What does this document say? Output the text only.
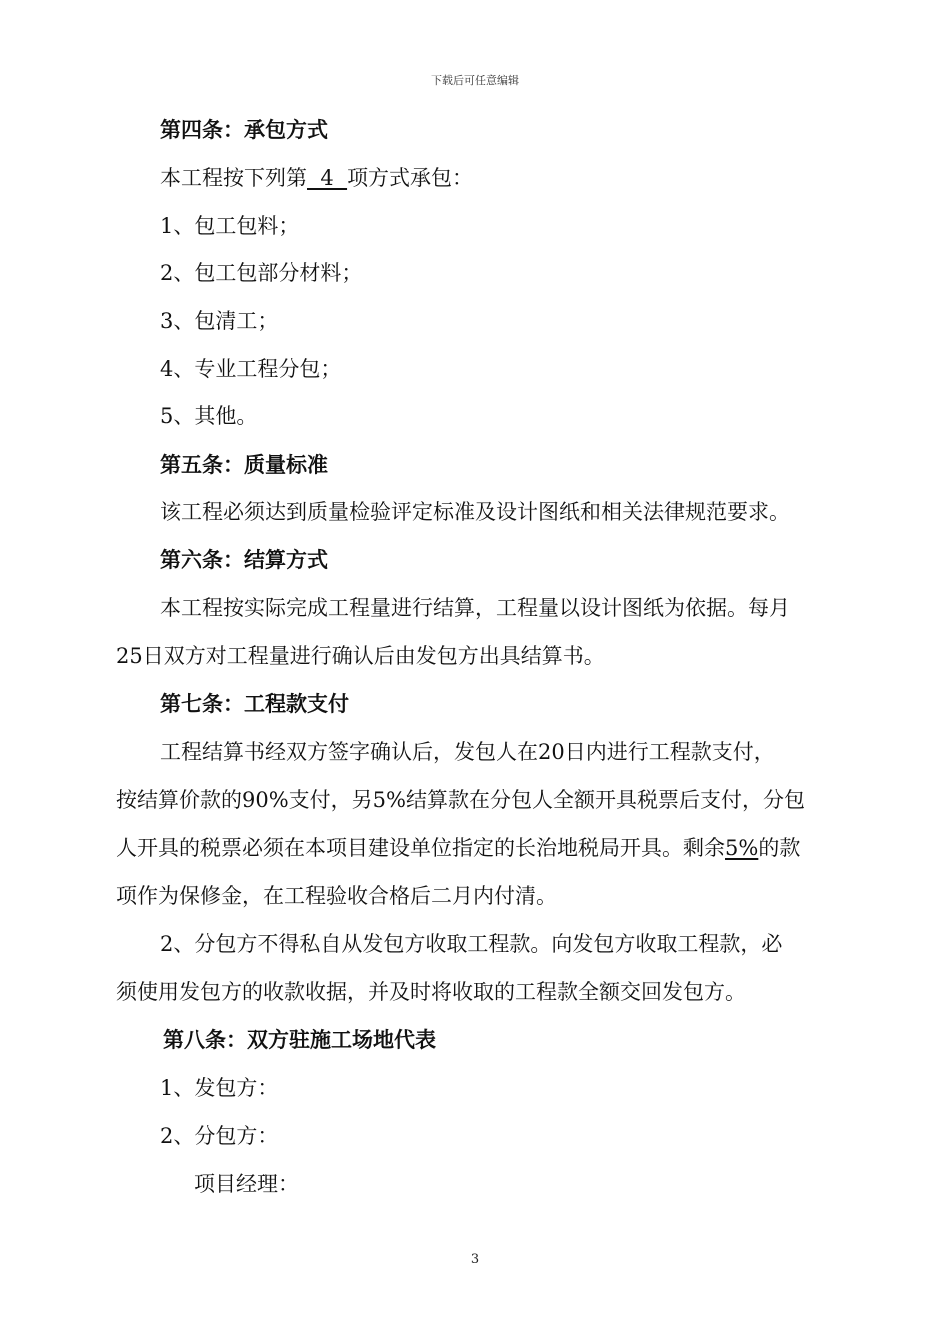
下载后可任意编辑
第四条：承包方式
本工程按下列第  4  项方式承包：
1、包工包料；
2、包工包部分材料；
3、包清工；
4、专业工程分包；
5、其他。
第五条：质量标准
该工程必须达到质量检验评定标准及设计图纸和相关法律规范要求。
第六条：结算方式
本工程按实际完成工程量进行结算，工程量以设计图纸为依据。每月
25日双方对工程量进行确认后由发包方出具结算书。
第七条：工程款支付
工程结算书经双方签字确认后，发包人在20日内进行工程款支付，
按结算价款的90%支付，另5%结算款在分包人全额开具税票后支付，分包
人开具的税票必须在本项目建设单位指定的长治地税局开具。剩余5%的款
项作为保修金，在工程验收合格后二月内付清。
2、分包方不得私自从发包方收取工程款。向发包方收取工程款，必
须使用发包方的收款收据，并及时将收取的工程款全额交回发包方。
第八条：双方驻施工场地代表
1、发包方：
2、分包方：
项目经理：
3
